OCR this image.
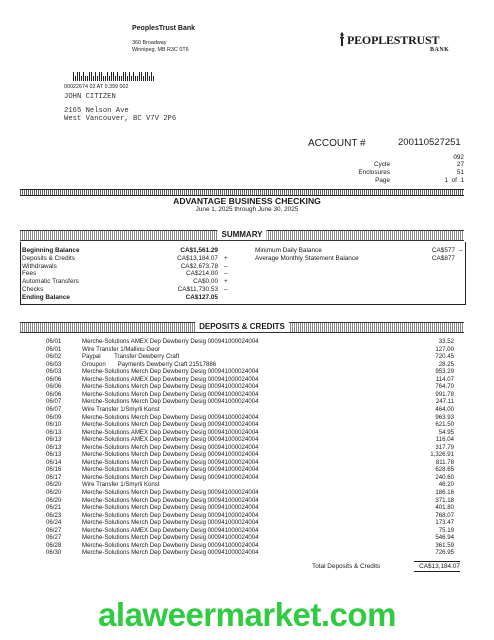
PeoplesTrust Bank
360 Broadway
Winnipeg, MB R3C 0T6
PEOPLESTRUST
BANK
00022674 02 AT 0.399 002
JOHN CITIZEN
2165 Nelson Ave
West Vancouver, BC V7V 2P6
ACCOUNT #	200110527251
092
Cycle	27
Enclosures	51
Page	1  of  1
ADVANTAGE BUSINESS CHECKING
June 1, 2025 through June 30, 2025
SUMMARY
Beginning Balance	CA$1,561.29
Deposits & Credits	CA$13,184.07 +
Withdrawals	CA$2,673.78 –
Fees	CA$214.00 –
Automatic Transfers	CA$0.00 +
Checks	CA$11,730.53 –
Ending Balance	CA$127.05
Minimum Daily Balance	CA$577 –
Average Monthly Statement Balance	CA$877
DEPOSITS & CREDITS
06/01	Merche-Solutions AMEX Dep Dewberry Desig 000941000024004	33.52
06/01	Wire Transfer 1/Malliou Geor	127.00
06/02	Paypal        Transfer Dewberry Craft	720.45
06/03	Groupon       Payments Dewberry Craft 21517886	28.25
06/03	Merche-Solutions Merch Dep Dewberry Desig 000941000024004	953.29
06/06	Merche-Solutions AMEX Dep Dewberry Desig 000941000024004	114.07
06/06	Merche-Solutions Merch Dep Dewberry Desig 000941000024004	764.70
06/06	Merche-Solutions Merch Dep Dewberry Desig 000941000024004	991.78
06/07	Merche-Solutions Merch Dep Dewberry Desig 000941000024004	247.11
06/07	Wire Transfer 1/Smyrli Konst	464.00
06/09	Merche-Solutions Merch Dep Dewberry Desig 000941000024004	963.93
06/10	Merche-Solutions Merch Dep Dewberry Desig 000941000024004	621.50
06/13	Merche-Solutions AMEX Dep Dewberry Desig 000941000024004	54.95
06/13	Merche-Solutions AMEX Dep Dewberry Desig 000941000024004	116.04
06/13	Merche-Solutions Merch Dep Dewberry Desig 000941000024004	317.79
06/13	Merche-Solutions Merch Dep Dewberry Desig 000941000024004	1,326.91
06/14	Merche-Solutions Merch Dep Dewberry Desig 000941000024004	811.78
06/16	Merche-Solutions Merch Dep Dewberry Desig 000941000024004	628.65
06/17	Merche-Solutions Merch Dep Dewberry Desig 000941000024004	240.60
06/20	Wire Transfer 1/Smyrli Konst	46.20
06/20	Merche-Solutions Merch Dep Dewberry Desig 000941000024004	186.16
06/20	Merche-Solutions Merch Dep Dewberry Desig 000941000024004	371.18
06/21	Merche-Solutions Merch Dep Dewberry Desig 000941000024004	401.80
06/23	Merche-Solutions Merch Dep Dewberry Desig 000941000024004	768.07
06/24	Merche-Solutions Merch Dep Dewberry Desig 000941000024004	173.47
06/27	Merche-Solutions AMEX Dep Dewberry Desig 000941000024004	75.19
06/27	Merche-Solutions Merch Dep Dewberry Desig 000941000024004	546.94
06/28	Merche-Solutions Merch Dep Dewberry Desig 000941000024004	361.59
06/30	Merche-Solutions Merch Dep Dewberry Desig 000941000024004	726.95
Total Deposits & Credits	CA$13,184.07
alaweermarket.com
